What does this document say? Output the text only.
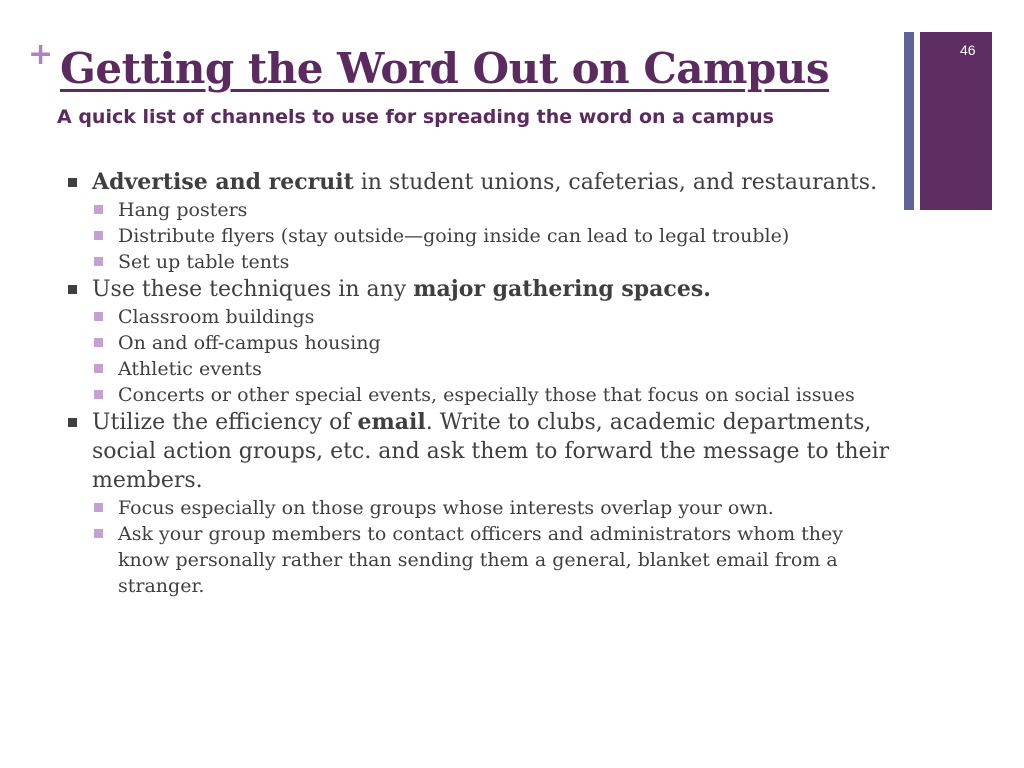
+ Getting the Word Out on Campus
A quick list of channels to use for spreading the word on a campus
46
Advertise and recruit in student unions, cafeterias, and restaurants.
Hang posters
Distribute flyers (stay outside—going inside can lead to legal trouble)
Set up table tents
Use these techniques in any major gathering spaces.
Classroom buildings
On and off-campus housing
Athletic events
Concerts or other special events, especially those that focus on social issues
Utilize the efficiency of email. Write to clubs, academic departments, social action groups, etc. and ask them to forward the message to their members.
Focus especially on those groups whose interests overlap your own.
Ask your group members to contact officers and administrators whom they know personally rather than sending them a general, blanket email from a stranger.
